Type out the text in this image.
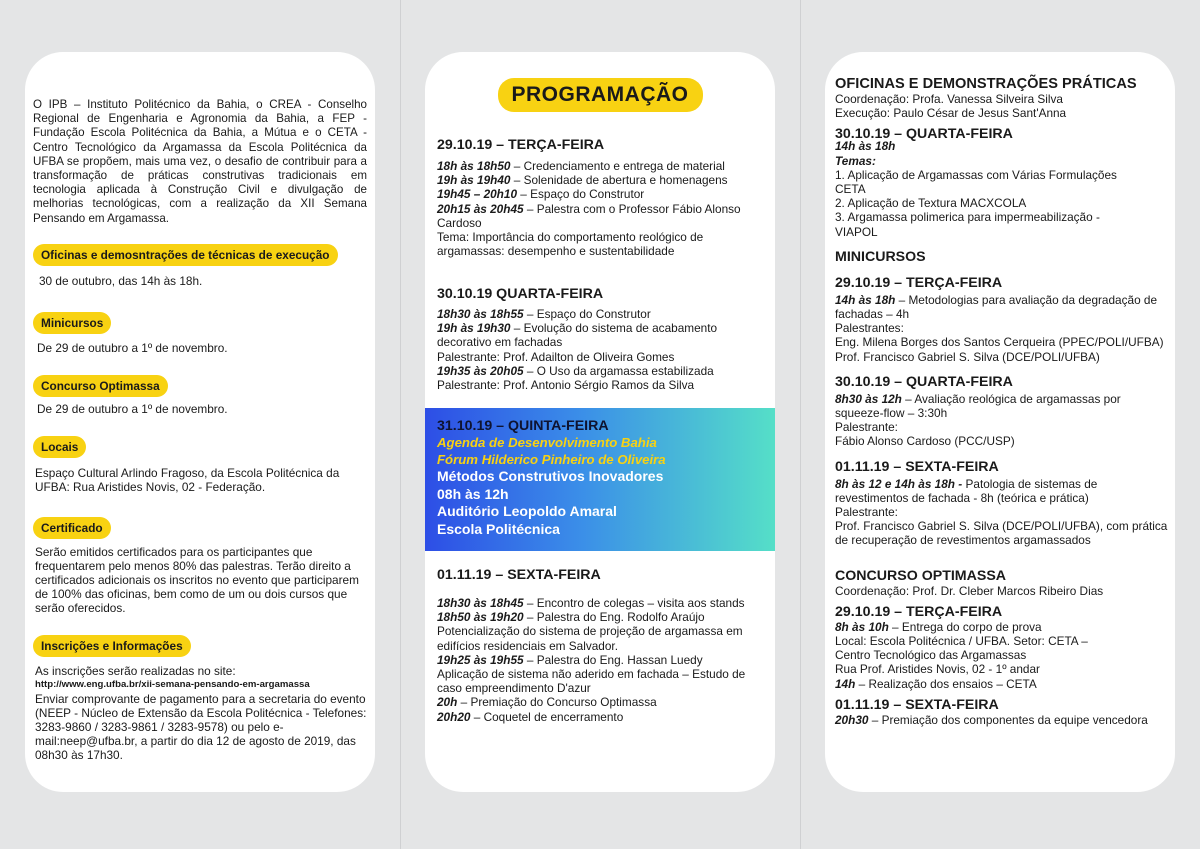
O IPB – Instituto Politécnico da Bahia, o CREA - Conselho Regional de Engenharia e Agronomia da Bahia, a FEP - Fundação Escola Politécnica da Bahia, a Mútua e o CETA - Centro Tecnológico da Argamassa da Escola Politécnica da UFBA se propõem, mais uma vez, o desafio de contribuir para a transformação de práticas construtivas tradicionais em tecnologia aplicada à Construção Civil e divulgação de melhorias tecnológicas, com a realização da XII Semana Pensando em Argamassa.

Oficinas e demosntrações de técnicas de execução

30 de outubro, das 14h às 18h.

Minicursos

De 29 de outubro a 1º de novembro.

Concurso Optimassa

De 29 de outubro a 1º de novembro.

Locais

Espaço Cultural Arlindo Fragoso, da Escola Politécnica da UFBA: Rua Aristides Novis, 02 - Federação.

Certificado

Serão emitidos certificados para os participantes que frequentarem pelo menos 80% das palestras. Terão direito a certificados adicionais os inscritos no evento que participarem de 100% das oficinas, bem como de um ou dois cursos que serão oferecidos.

Inscrições e Informações

As inscrições serão realizadas no site:

http://www.eng.ufba.br/xii-semana-pensando-em-argamassa

Enviar comprovante de pagamento para a secretaria do evento (NEEP - Núcleo de Extensão da Escola Politécnica - Telefones: 3283-9860 / 3283-9861 / 3283-9578) ou pelo e-mail:neep@ufba.br, a partir do dia 12 de agosto de 2019, das 08h30 às 17h30.

PROGRAMAÇÃO

29.10.19 – TERÇA-FEIRA

18h às 18h50 – Credenciamento e entrega de material

19h às 19h40 – Solenidade de abertura e homenagens

19h45 – 20h10 – Espaço do Construtor

20h15 às 20h45 – Palestra com o Professor Fábio Alonso Cardoso

Tema: Importância do comportamento reológico de argamassas: desempenho e sustentabilidade

30.10.19 QUARTA-FEIRA

18h30 às 18h55 – Espaço do Construtor

19h às 19h30 – Evolução do sistema de acabamento decorativo em fachadas

Palestrante: Prof. Adailton de Oliveira Gomes

19h35 às 20h05 – O Uso da argamassa estabilizada

Palestrante: Prof. Antonio Sérgio Ramos da Silva

31.10.19 – QUINTA-FEIRA

Agenda de Desenvolvimento Bahia

Fórum Hilderico Pinheiro de Oliveira

Métodos Construtivos Inovadores

08h às 12h

Auditório Leopoldo Amaral

Escola Politécnica

01.11.19 – SEXTA-FEIRA

18h30 às 18h45 – Encontro de colegas – visita aos stands

18h50 às 19h20 – Palestra do Eng. Rodolfo Araújo

Potencialização do sistema de projeção de argamassa em edifícios residenciais em Salvador.

19h25 às 19h55 – Palestra do Eng. Hassan Luedy

Aplicação de sistema não aderido em fachada – Estudo de caso empreendimento D'azur

20h – Premiação do Concurso Optimassa

20h20 – Coquetel de encerramento

OFICINAS E DEMONSTRAÇÕES PRÁTICAS

Coordenação: Profa. Vanessa Silveira Silva

Execução: Paulo César de Jesus Sant'Anna

30.10.19 – QUARTA-FEIRA

14h às 18h

Temas:

1. Aplicação de Argamassas com Várias Formulações

CETA

2. Aplicação de Textura MACXCOLA

3. Argamassa polimerica para impermeabilização -

VIAPOL

MINICURSOS

29.10.19 – TERÇA-FEIRA

14h às 18h – Metodologias para avaliação da degradação de fachadas – 4h

Palestrantes:

Eng. Milena Borges dos Santos Cerqueira (PPEC/POLI/UFBA)

Prof. Francisco Gabriel S. Silva (DCE/POLI/UFBA)

30.10.19 – QUARTA-FEIRA

8h30 às 12h – Avaliação reológica de argamassas por squeeze-flow – 3:30h

Palestrante:

Fábio Alonso Cardoso (PCC/USP)

01.11.19 – SEXTA-FEIRA

8h às 12 e 14h às 18h - Patologia de sistemas de revestimentos de fachada - 8h (teórica e prática)

Palestrante:

Prof. Francisco Gabriel S. Silva (DCE/POLI/UFBA), com prática de recuperação de revestimentos argamassados

CONCURSO OPTIMASSA

Coordenação: Prof. Dr. Cleber Marcos Ribeiro Dias

29.10.19 – TERÇA-FEIRA

8h às 10h – Entrega do corpo de prova

Local: Escola Politécnica / UFBA. Setor: CETA –

Centro Tecnológico das Argamassas

Rua Prof. Aristides Novis, 02 - 1º andar

14h – Realização dos ensaios – CETA

01.11.19 – SEXTA-FEIRA

20h30 – Premiação dos componentes da equipe vencedora
